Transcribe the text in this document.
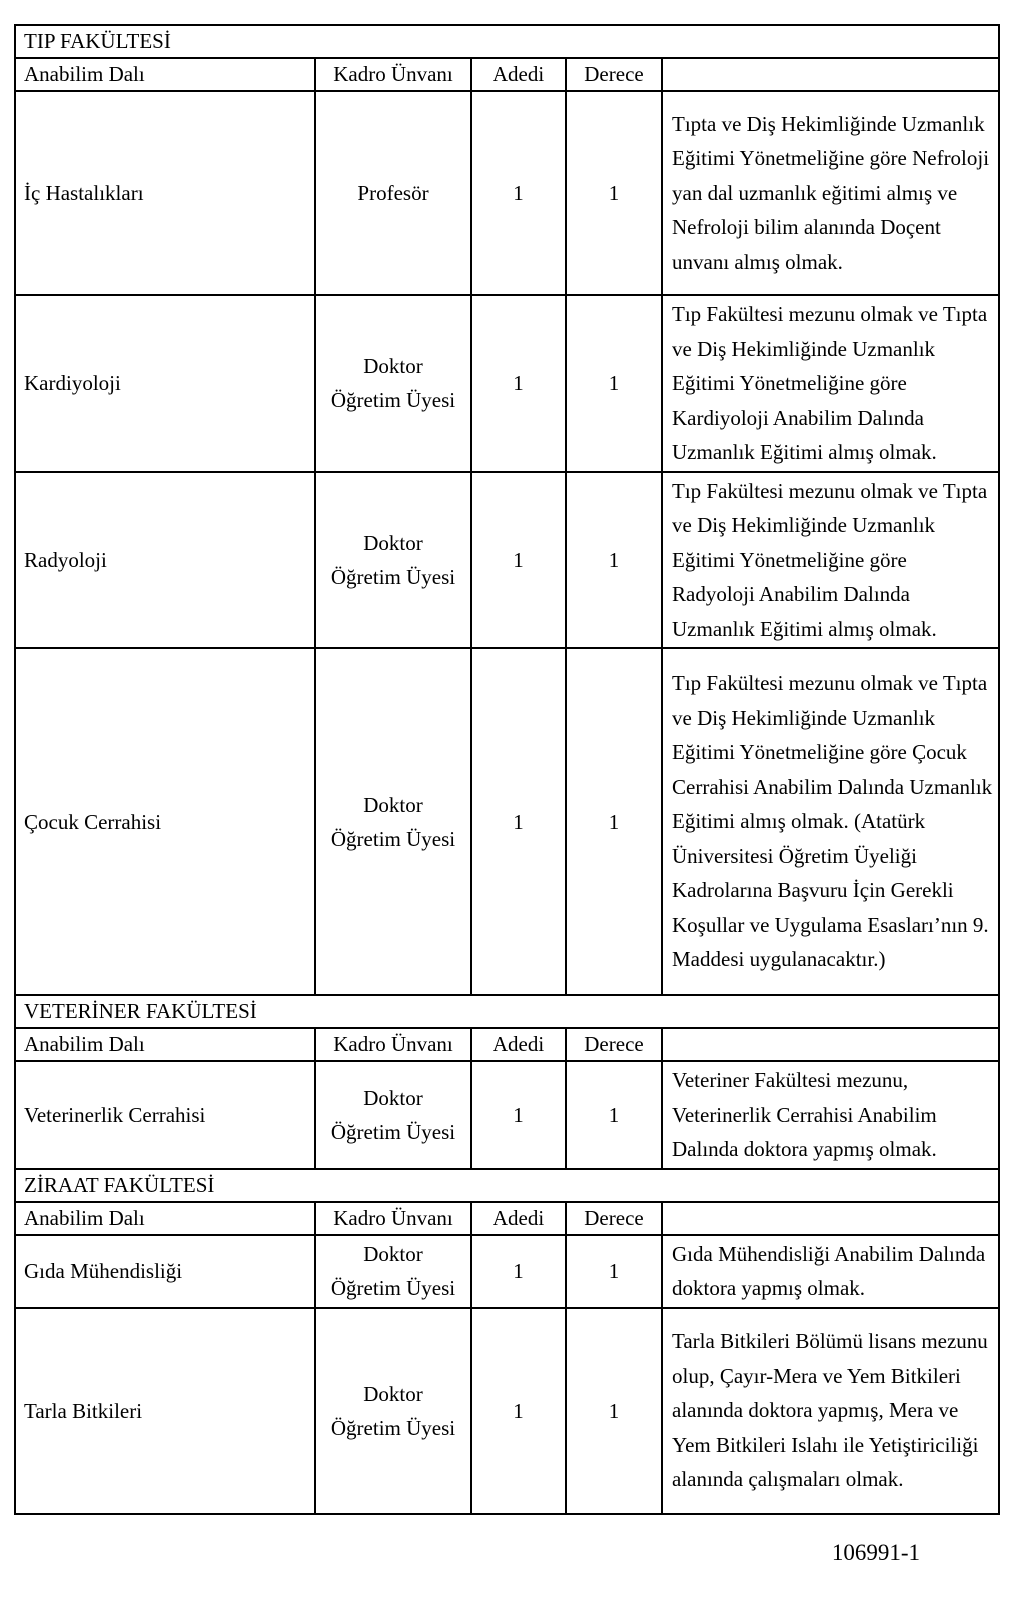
TIP FAKÜLTESİ				
Anabilim Dalı	Kadro Ünvanı	Adedi	Derece	
İç Hastalıkları	Profesör	1	1	Tıpta ve Diş Hekimliğinde Uzmanlık Eğitimi Yönetmeliğine göre Nefroloji yan dal uzmanlık eğitimi almış ve Nefroloji bilim alanında Doçent unvanı almış olmak.
Kardiyoloji	Doktor Öğretim Üyesi	1	1	Tıp Fakültesi mezunu olmak ve Tıpta ve Diş Hekimliğinde Uzmanlık Eğitimi Yönetmeliğine göre Kardiyoloji Anabilim Dalında Uzmanlık Eğitimi almış olmak.
Radyoloji	Doktor Öğretim Üyesi	1	1	Tıp Fakültesi mezunu olmak ve Tıpta ve Diş Hekimliğinde Uzmanlık Eğitimi Yönetmeliğine göre Radyoloji Anabilim Dalında Uzmanlık Eğitimi almış olmak.
Çocuk Cerrahisi	Doktor Öğretim Üyesi	1	1	Tıp Fakültesi mezunu olmak ve Tıpta ve Diş Hekimliğinde Uzmanlık Eğitimi Yönetmeliğine göre Çocuk Cerrahisi Anabilim Dalında Uzmanlık Eğitimi almış olmak. (Atatürk Üniversitesi Öğretim Üyeliği Kadrolarına Başvuru İçin Gerekli Koşullar ve Uygulama Esasları’nın 9. Maddesi uygulanacaktır.)
VETERİNER FAKÜLTESİ				
Anabilim Dalı	Kadro Ünvanı	Adedi	Derece	
Veterinerlik Cerrahisi	Doktor Öğretim Üyesi	1	1	Veteriner Fakültesi mezunu, Veterinerlik Cerrahisi Anabilim Dalında doktora yapmış olmak.
ZİRAAT FAKÜLTESİ				
Anabilim Dalı	Kadro Ünvanı	Adedi	Derece	
Gıda Mühendisliği	Doktor Öğretim Üyesi	1	1	Gıda Mühendisliği Anabilim Dalında doktora yapmış olmak.
Tarla Bitkileri	Doktor Öğretim Üyesi	1	1	Tarla Bitkileri Bölümü lisans mezunu olup, Çayır-Mera ve Yem Bitkileri alanında doktora yapmış, Mera ve Yem Bitkileri Islahı ile Yetiştiriciliği alanında çalışmaları olmak.
106991-1
